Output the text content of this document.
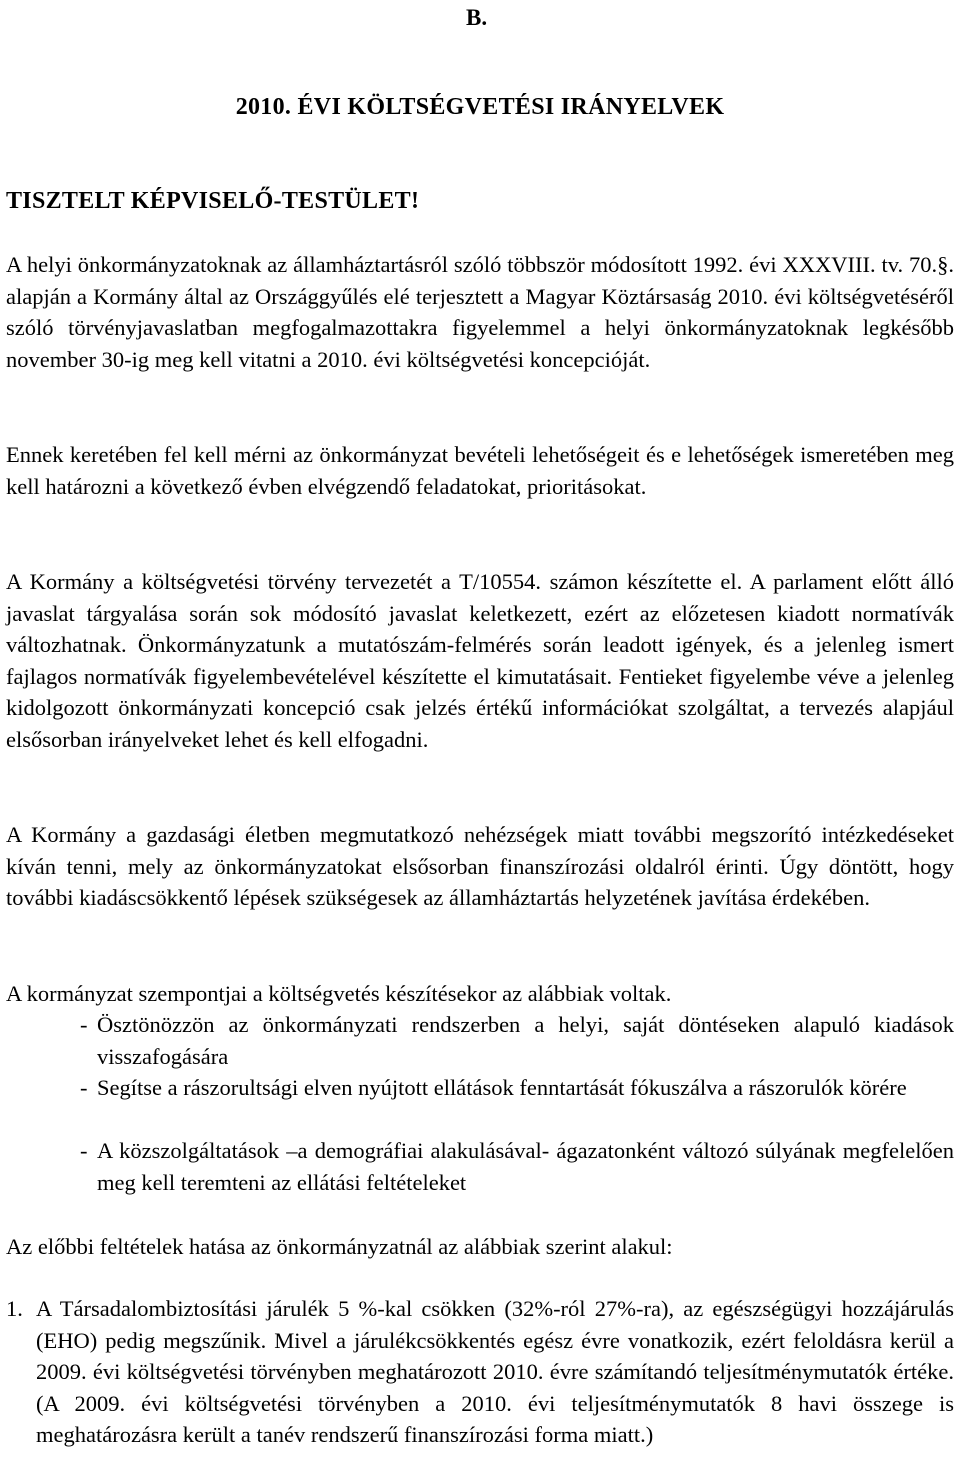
B.
2010. ÉVI KÖLTSÉGVETÉSI IRÁNYELVEK

TISZTELT KÉPVISELŐ-TESTÜLET!

A helyi önkormányzatoknak az államháztartásról szóló többször módosított 1992. évi XXXVIII. tv. 70.§. alapján a Kormány által az Országgyűlés elé terjesztett a Magyar Köztársaság 2010. évi költségvetéséről szóló törvényjavaslatban megfogalmazottakra figyelemmel a helyi önkormányzatoknak legkésőbb november 30-ig meg kell vitatni a 2010. évi költségvetési koncepcióját.

Ennek keretében fel kell mérni az önkormányzat bevételi lehetőségeit és e lehetőségek ismeretében meg kell határozni a következő évben elvégzendő feladatokat, prioritásokat.

A Kormány a költségvetési törvény tervezetét a T/10554. számon készítette el. A parlament előtt álló javaslat tárgyalása során sok módosító javaslat keletkezett, ezért az előzetesen kiadott normatívák változhatnak. Önkormányzatunk a mutatószám-felmérés során leadott igények, és a jelenleg ismert fajlagos normatívák figyelembevételével készítette el kimutatásait. Fentieket figyelembe véve a jelenleg kidolgozott önkormányzati koncepció csak jelzés értékű információkat szolgáltat, a tervezés alapjául elsősorban irányelveket lehet és kell elfogadni.

A Kormány a gazdasági életben megmutatkozó nehézségek miatt további megszorító intézkedéseket kíván tenni, mely az önkormányzatokat elsősorban finanszírozási oldalról érinti. Úgy döntött, hogy további kiadáscsökkentő lépések szükségesek az államháztartás helyzetének javítása érdekében.

A kormányzat szempontjai a költségvetés készítésekor az alábbiak voltak.

- Ösztönözzön az önkormányzati rendszerben a helyi, saját döntéseken alapuló kiadások visszafogására
- Segítse a rászorultsági elven nyújtott ellátások fenntartását fókuszálva a rászorulók körére
- A közszolgáltatások –a demográfiai alakulásával- ágazatonként változó súlyának megfelelően meg kell teremteni az ellátási feltételeket

Az előbbi feltételek hatása az önkormányzatnál az alábbiak szerint alakul:

1. A Társadalombiztosítási járulék 5 %-kal csökken (32%-ról 27%-ra), az egészségügyi hozzájárulás (EHO) pedig megszűnik. Mivel a járulékcsökkentés egész évre vonatkozik, ezért feloldásra kerül a 2009. évi költségvetési törvényben meghatározott 2010. évre számítandó teljesítménymutatók értéke. (A 2009. évi költségvetési törvényben a 2010. évi teljesítménymutatók 8 havi összege is meghatározásra került a tanév rendszerű finanszírozási forma miatt.)
